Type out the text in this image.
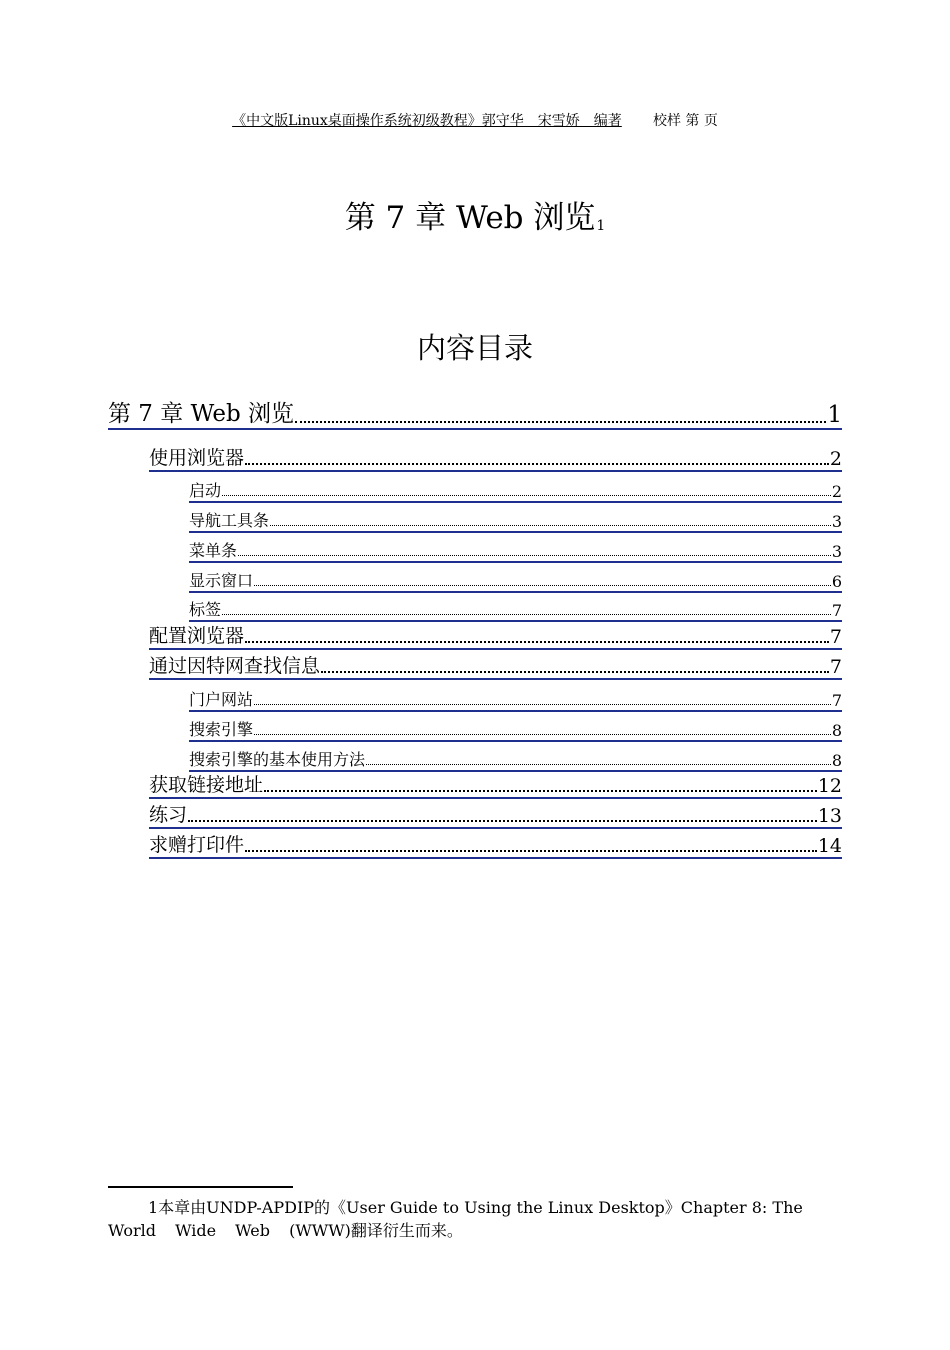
《中文版Linux桌面操作系统初级教程》郭守华　宋雪娇　编著 校样 第 页
第 7 章 Web 浏览$^1$
内容目录
第 7 章 Web 浏览	1
使用浏览器	2
启动	2
导航工具条	3
菜单条	3
显示窗口	6
标签	7
配置浏览器	7
通过因特网查找信息	7
门户网站	7
搜索引擎	8
搜索引擎的基本使用方法	8
获取链接地址	12
练习	13
求赠打印件	14
1本章由UNDP-APDIP的《User Guide to Using the Linux Desktop》Chapter 8: The
World Wide Web (WWW)翻译衍生而来。
